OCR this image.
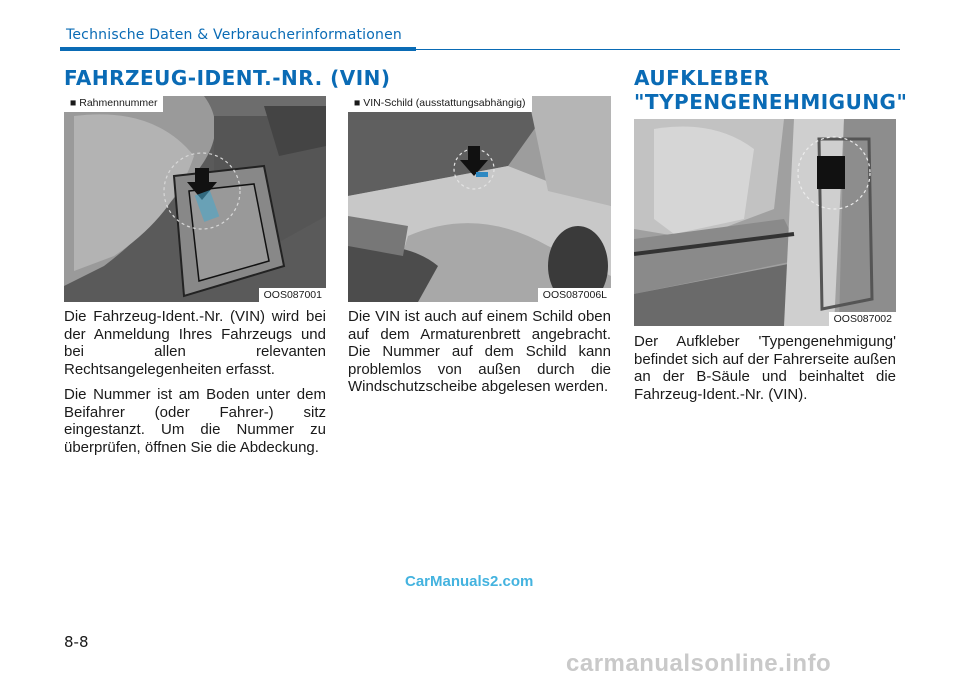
Technische Daten & Verbraucherinformationen
FAHRZEUG-IDENT.-NR. (VIN)
■ Rahmennummer
OOS087001
■ VIN-Schild (ausstattungsabhängig)
OOS087006L

Die Fahrzeug-Ident.-Nr. (VIN) wird bei der Anmeldung Ihres Fahrzeugs und bei allen relevanten Rechtsangelegenheiten erfasst.

Die Nummer ist am Boden unter dem Beifahrer (oder Fahrer-) sitz eingestanzt. Um die Nummer zu überprüfen, öffnen Sie die Abdeckung.

Die VIN ist auch auf einem Schild oben auf dem Armaturenbrett angebracht. Die Nummer auf dem Schild kann problemlos von außen durch die Windschutzscheibe abgelesen werden.

AUFKLEBER
"TYPENGENEHMIGUNG"
OOS087002

Der Aufkleber 'Typengenehmigung' befindet sich auf der Fahrerseite außen an der B-Säule und beinhaltet die Fahrzeug-Ident.-Nr. (VIN).

CarManuals2.com
8-8
carmanualsonline.info
